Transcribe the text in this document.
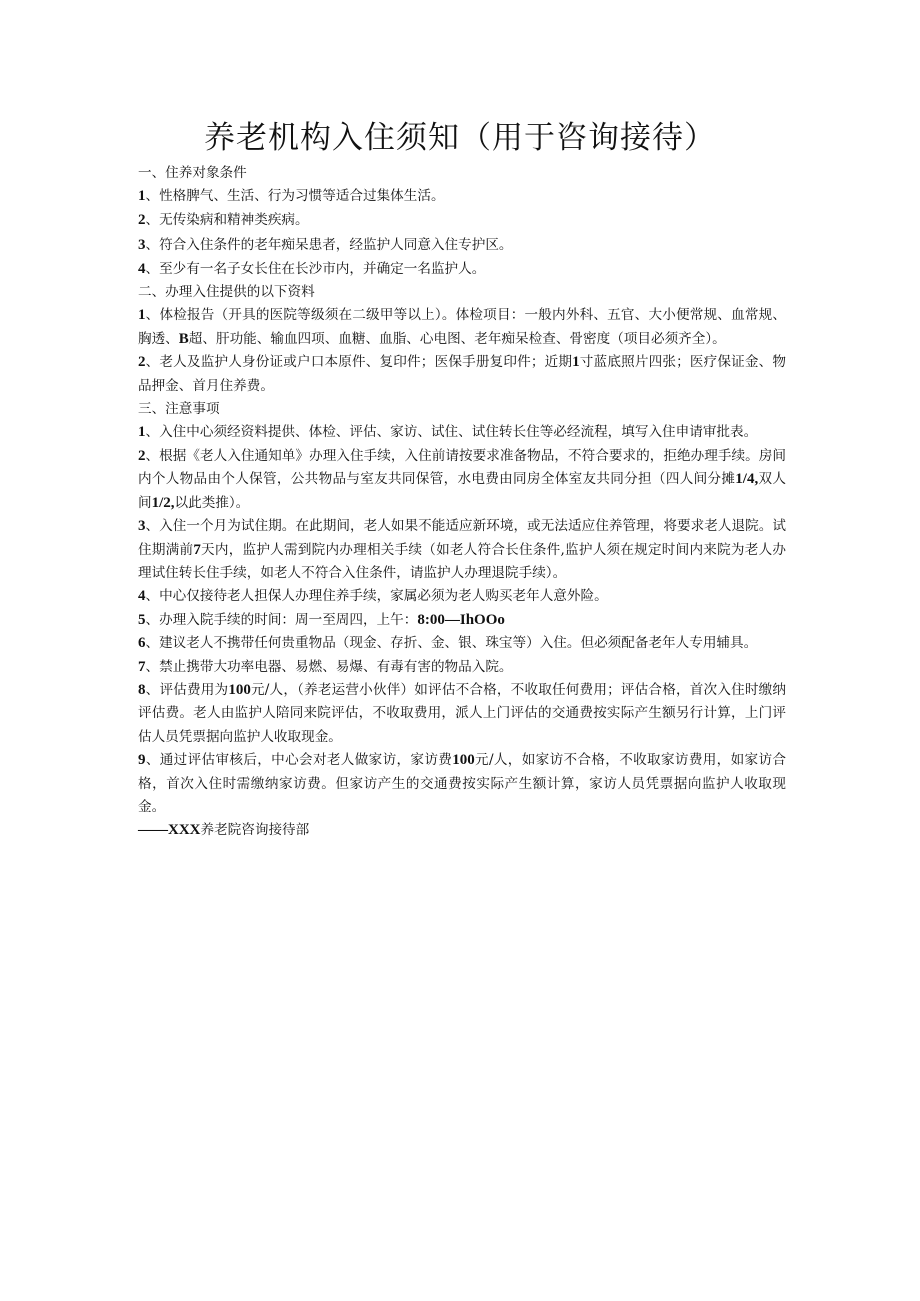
养老机构入住须知（用于咨询接待）

一、住养对象条件

1、性格脾气、生活、行为习惯等适合过集体生活。

2、无传染病和精神类疾病。

3、符合入住条件的老年痴呆患者，经监护人同意入住专护区。

4、至少有一名子女长住在长沙市内，并确定一名监护人。

二、办理入住提供的以下资料

1、体检报告（开具的医院等级须在二级甲等以上）。体检项目：一般内外科、五官、大小便常规、血常规、胸透、B超、肝功能、输血四项、血糖、血脂、心电图、老年痴呆检查、骨密度（项目必须齐全）。

2、老人及监护人身份证或户口本原件、复印件；医保手册复印件；近期1寸蓝底照片四张；医疗保证金、物品押金、首月住养费。

三、注意事项

1、入住中心须经资料提供、体检、评估、家访、试住、试住转长住等必经流程，填写入住申请审批表。

2、根据《老人入住通知单》办理入住手续，入住前请按要求准备物品，不符合要求的，拒绝办理手续。房间内个人物品由个人保管，公共物品与室友共同保管，水电费由同房全体室友共同分担（四人间分摊1/4,双人间1/2,以此类推）。

3、入住一个月为试住期。在此期间，老人如果不能适应新环境，或无法适应住养管理，将要求老人退院。试住期满前7天内，监护人需到院内办理相关手续（如老人符合长住条件,监护人须在规定时间内来院为老人办理试住转长住手续，如老人不符合入住条件，请监护人办理退院手续）。

4、中心仅接待老人担保人办理住养手续，家属必须为老人购买老年人意外险。

5、办理入院手续的时间：周一至周四，上午：8:00—IhOOo

6、建议老人不携带任何贵重物品（现金、存折、金、银、珠宝等）入住。但必须配备老年人专用辅具。

7、禁止携带大功率电器、易燃、易爆、有毒有害的物品入院。

8、评估费用为100元/人，（养老运营小伙伴）如评估不合格，不收取任何费用；评估合格，首次入住时缴纳评估费。老人由监护人陪同来院评估，不收取费用，派人上门评估的交通费按实际产生额另行计算，上门评估人员凭票据向监护人收取现金。

9、通过评估审核后，中心会对老人做家访，家访费100元/人，如家访不合格，不收取家访费用，如家访合格，首次入住时需缴纳家访费。但家访产生的交通费按实际产生额计算，家访人员凭票据向监护人收取现金。

——XXX养老院咨询接待部
